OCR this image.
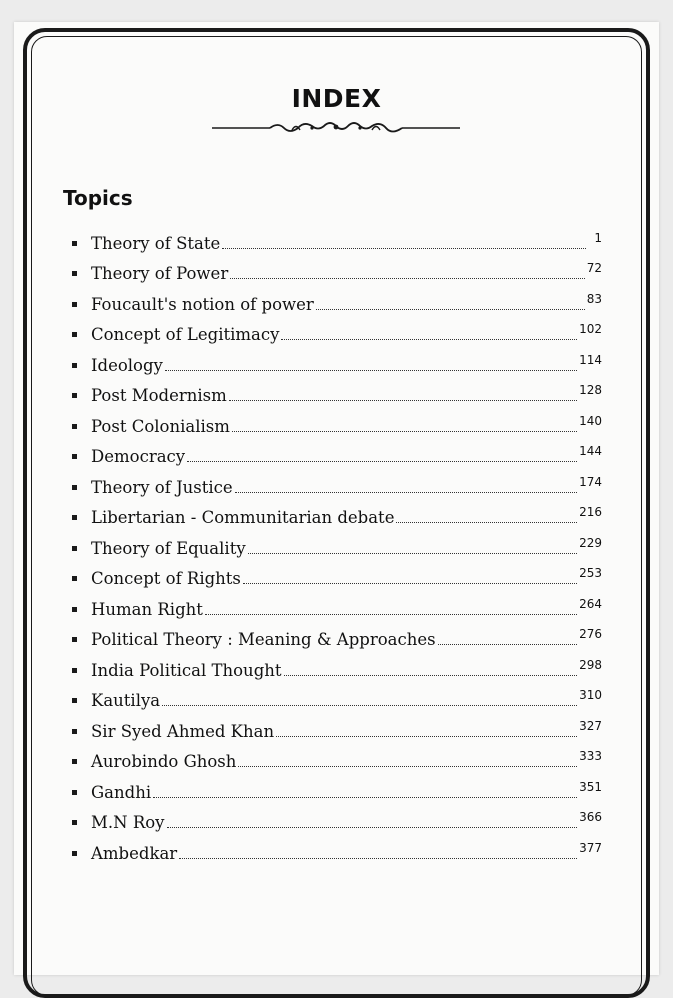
INDEX
Topics
Theory of State	1
Theory of Power	72
Foucault's notion of power	83
Concept of Legitimacy	102
Ideology	114
Post Modernism	128
Post Colonialism	140
Democracy	144
Theory of Justice	174
Libertarian - Communitarian debate	216
Theory of Equality	229
Concept of Rights	253
Human Right	264
Political Theory : Meaning & Approaches	276
India Political Thought	298
Kautilya	310
Sir Syed Ahmed Khan	327
Aurobindo Ghosh	333
Gandhi	351
M.N Roy	366
Ambedkar	377
